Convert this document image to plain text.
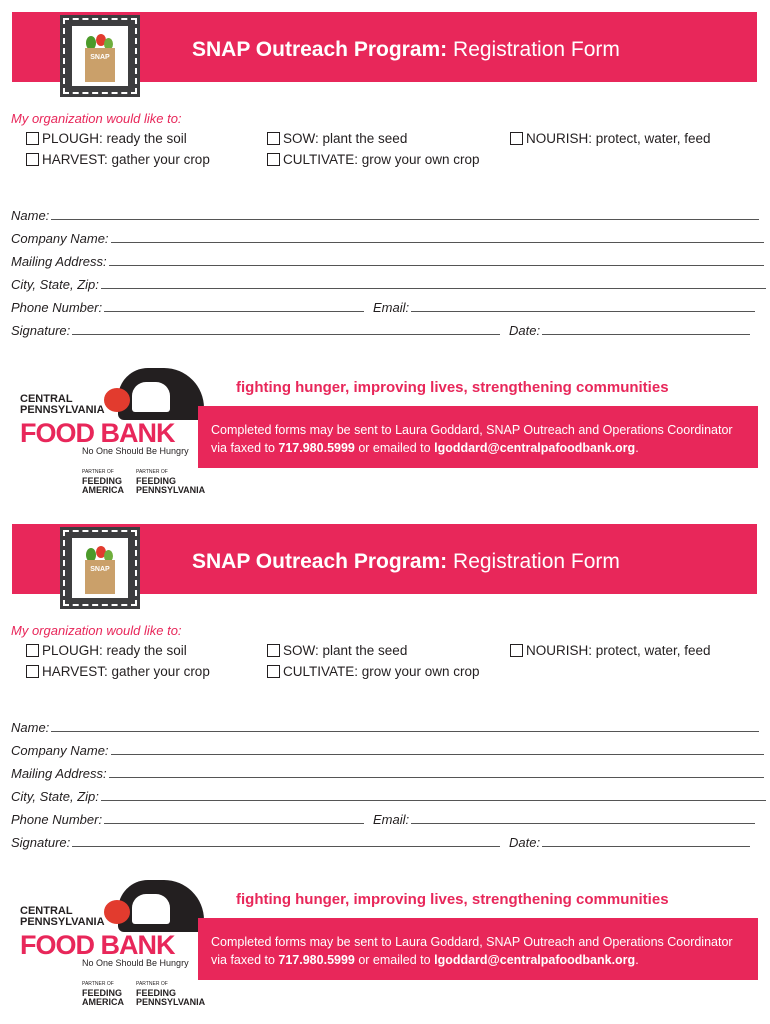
SNAP Outreach Program: Registration Form
SNAP
My organization would like to:
PLOUGH: ready the soil
HARVEST: gather your crop
SOW: plant the seed
CULTIVATE: grow your own crop
NOURISH: protect, water, feed
Name:
Company Name:
Mailing Address:
City, State, Zip:
Phone Number:	Email:
Signature:	Date:
CENTRAL
PENNSYLVANIA
FOOD BANK
No One Should Be Hungry
PARTNER OF
FEEDING AMERICA
PARTNER OF
FEEDING PENNSYLVANIA
fighting hunger, improving lives, strengthening communities
Completed forms may be sent to Laura Goddard, SNAP Outreach and Operations Coordinator
via faxed to 717.980.5999 or emailed to lgoddard@centralpafoodbank.org.
SNAP Outreach Program: Registration Form
SNAP
My organization would like to:
PLOUGH: ready the soil
HARVEST: gather your crop
SOW: plant the seed
CULTIVATE: grow your own crop
NOURISH: protect, water, feed
Name:
Company Name:
Mailing Address:
City, State, Zip:
Phone Number:	Email:
Signature:	Date:
CENTRAL
PENNSYLVANIA
FOOD BANK
No One Should Be Hungry
PARTNER OF
FEEDING AMERICA
PARTNER OF
FEEDING PENNSYLVANIA
fighting hunger, improving lives, strengthening communities
Completed forms may be sent to Laura Goddard, SNAP Outreach and Operations Coordinator
via faxed to 717.980.5999 or emailed to lgoddard@centralpafoodbank.org.
